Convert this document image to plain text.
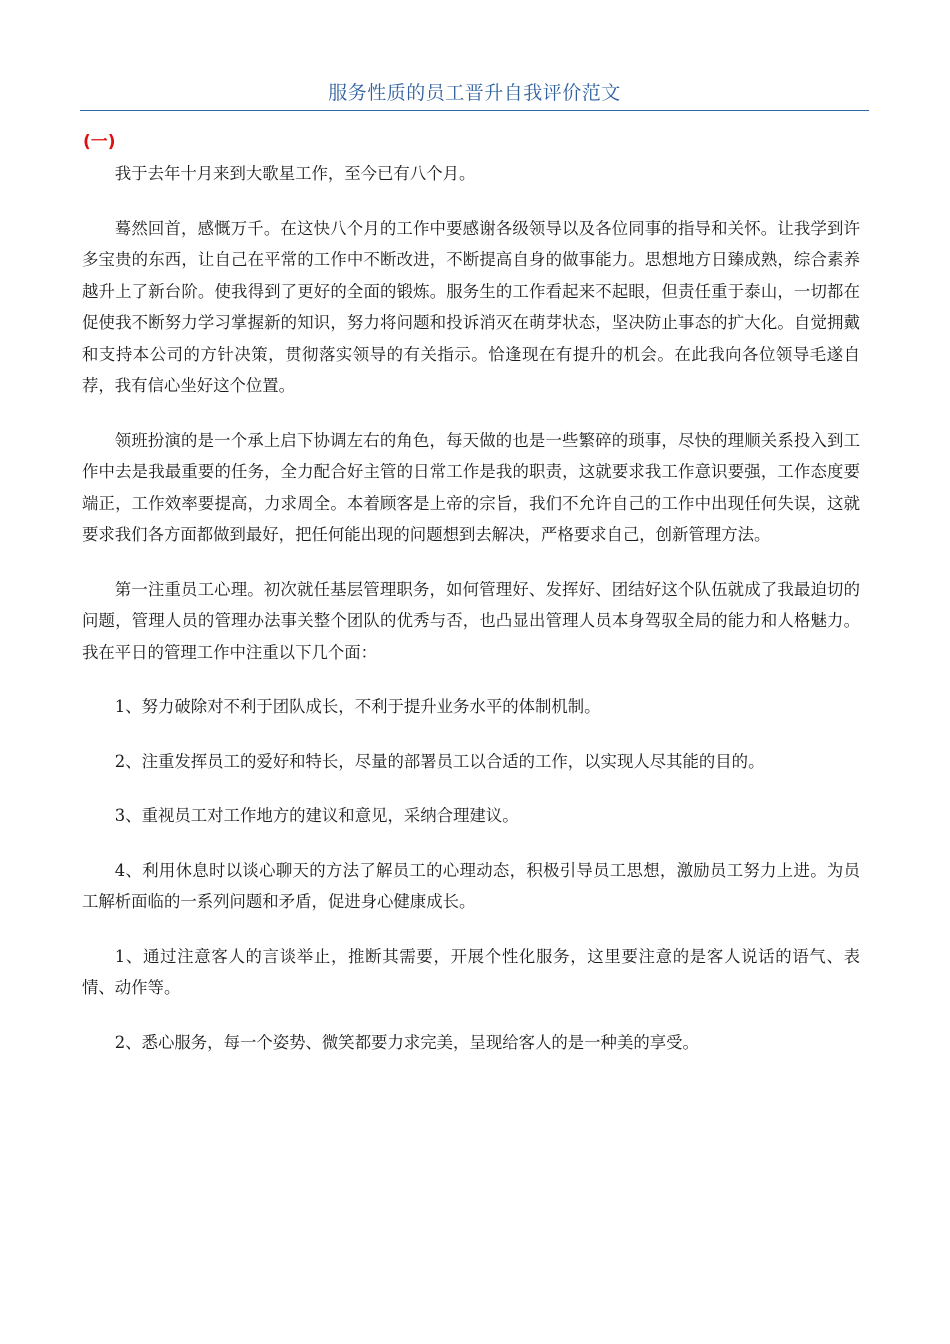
服务性质的员工晋升自我评价范文
(一)

我于去年十月来到大歌星工作，至今已有八个月。

蓦然回首，感慨万千。在这快八个月的工作中要感谢各级领导以及各位同事的指导和关怀。让我学到许多宝贵的东西，让自己在平常的工作中不断改进，不断提高自身的做事能力。思想地方日臻成熟，综合素养越升上了新台阶。使我得到了更好的全面的锻炼。服务生的工作看起来不起眼，但责任重于泰山，一切都在促使我不断努力学习掌握新的知识，努力将问题和投诉消灭在萌芽状态，坚决防止事态的扩大化。自觉拥戴和支持本公司的方针决策，贯彻落实领导的有关指示。恰逢现在有提升的机会。在此我向各位领导毛遂自荐，我有信心坐好这个位置。

领班扮演的是一个承上启下协调左右的角色，每天做的也是一些繁碎的琐事，尽快的理顺关系投入到工作中去是我最重要的任务，全力配合好主管的日常工作是我的职责，这就要求我工作意识要强，工作态度要端正，工作效率要提高，力求周全。本着顾客是上帝的宗旨，我们不允许自己的工作中出现任何失误，这就要求我们各方面都做到最好，把任何能出现的问题想到去解决，严格要求自己，创新管理方法。

第一注重员工心理。初次就任基层管理职务，如何管理好、发挥好、团结好这个队伍就成了我最迫切的问题，管理人员的管理办法事关整个团队的优秀与否，也凸显出管理人员本身驾驭全局的能力和人格魅力。我在平日的管理工作中注重以下几个面：

1、努力破除对不利于团队成长，不利于提升业务水平的体制机制。

2、注重发挥员工的爱好和特长，尽量的部署员工以合适的工作，以实现人尽其能的目的。

3、重视员工对工作地方的建议和意见，采纳合理建议。

4、利用休息时以谈心聊天的方法了解员工的心理动态，积极引导员工思想，激励员工努力上进。为员工解析面临的一系列问题和矛盾，促进身心健康成长。

1、通过注意客人的言谈举止，推断其需要，开展个性化服务，这里要注意的是客人说话的语气、表情、动作等。

2、悉心服务，每一个姿势、微笑都要力求完美，呈现给客人的是一种美的享受。
